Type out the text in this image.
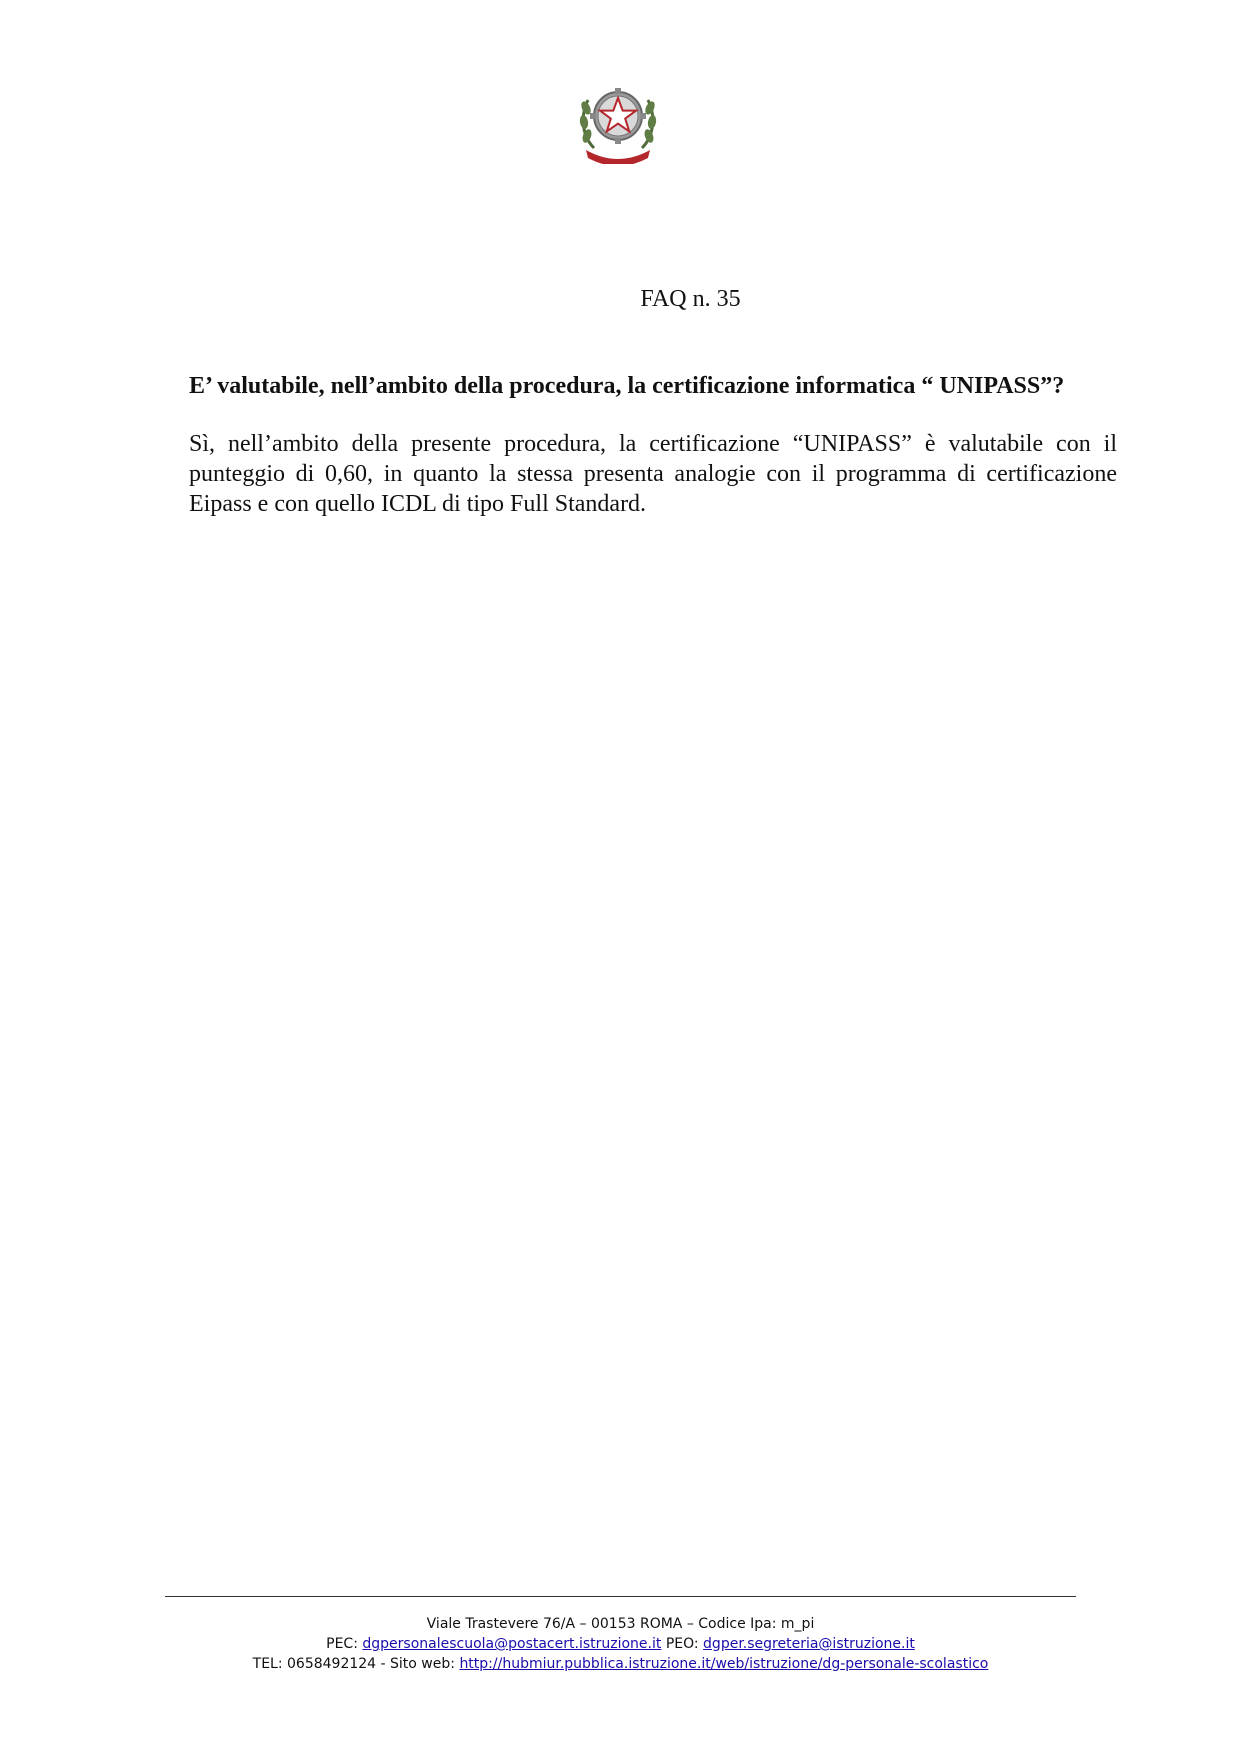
FAQ n. 35

E’ valutabile, nell’ambito della procedura, la certificazione informatica “ UNIPASS”?

Sì, nell’ambito della presente procedura, la certificazione “UNIPASS” è valutabile con il punteggio di 0,60, in quanto la stessa presenta analogie con il programma di certificazione Eipass e con quello ICDL di tipo Full Standard.

Viale Trastevere 76/A – 00153 ROMA – Codice Ipa: m_pi
PEC: dgpersonalescuola@postacert.istruzione.it PEO: dgper.segreteria@istruzione.it
TEL: 0658492124 - Sito web: http://hubmiur.pubblica.istruzione.it/web/istruzione/dg-personale-scolastico
